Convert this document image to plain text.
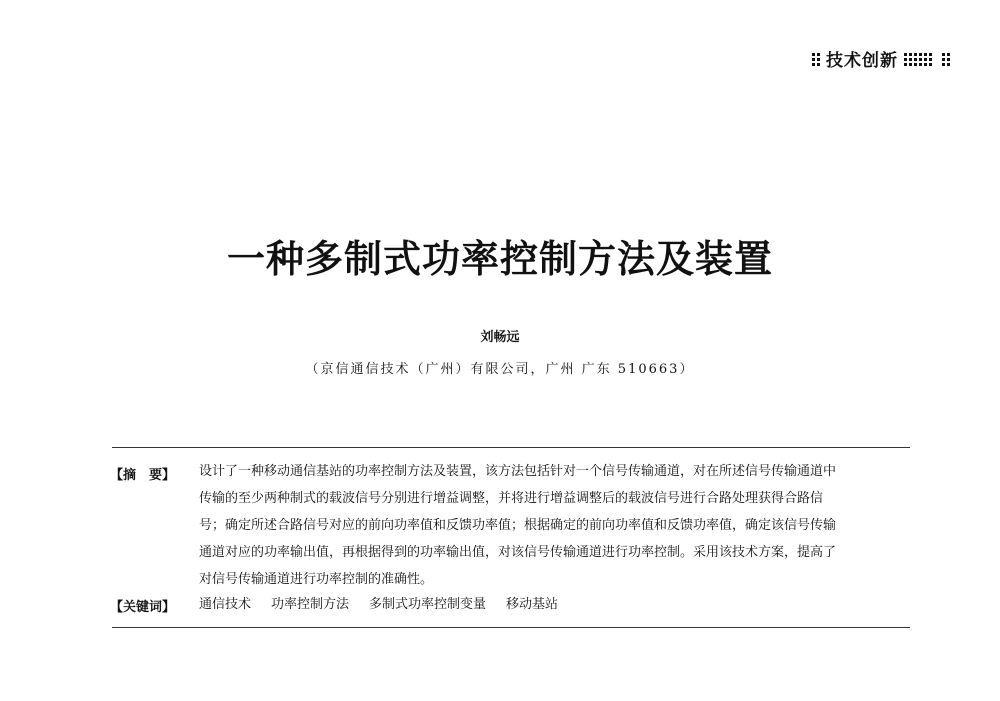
技术创新
一种多制式功率控制方法及装置
刘畅远
（京信通信技术（广州）有限公司，广州 广东 510663）
【摘　要】 设计了一种移动通信基站的功率控制方法及装置，该方法包括针对一个信号传输通道，对在所述信号传输通道中
传输的至少两种制式的载波信号分别进行增益调整，并将进行增益调整后的载波信号进行合路处理获得合路信
号；确定所述合路信号对应的前向功率值和反馈功率值；根据确定的前向功率值和反馈功率值，确定该信号传输
通道对应的功率输出值，再根据得到的功率输出值，对该信号传输通道进行功率控制。采用该技术方案，提高了
对信号传输通道进行功率控制的准确性。
【关键词】 通信技术 功率控制方法 多制式功率控制变量 移动基站
